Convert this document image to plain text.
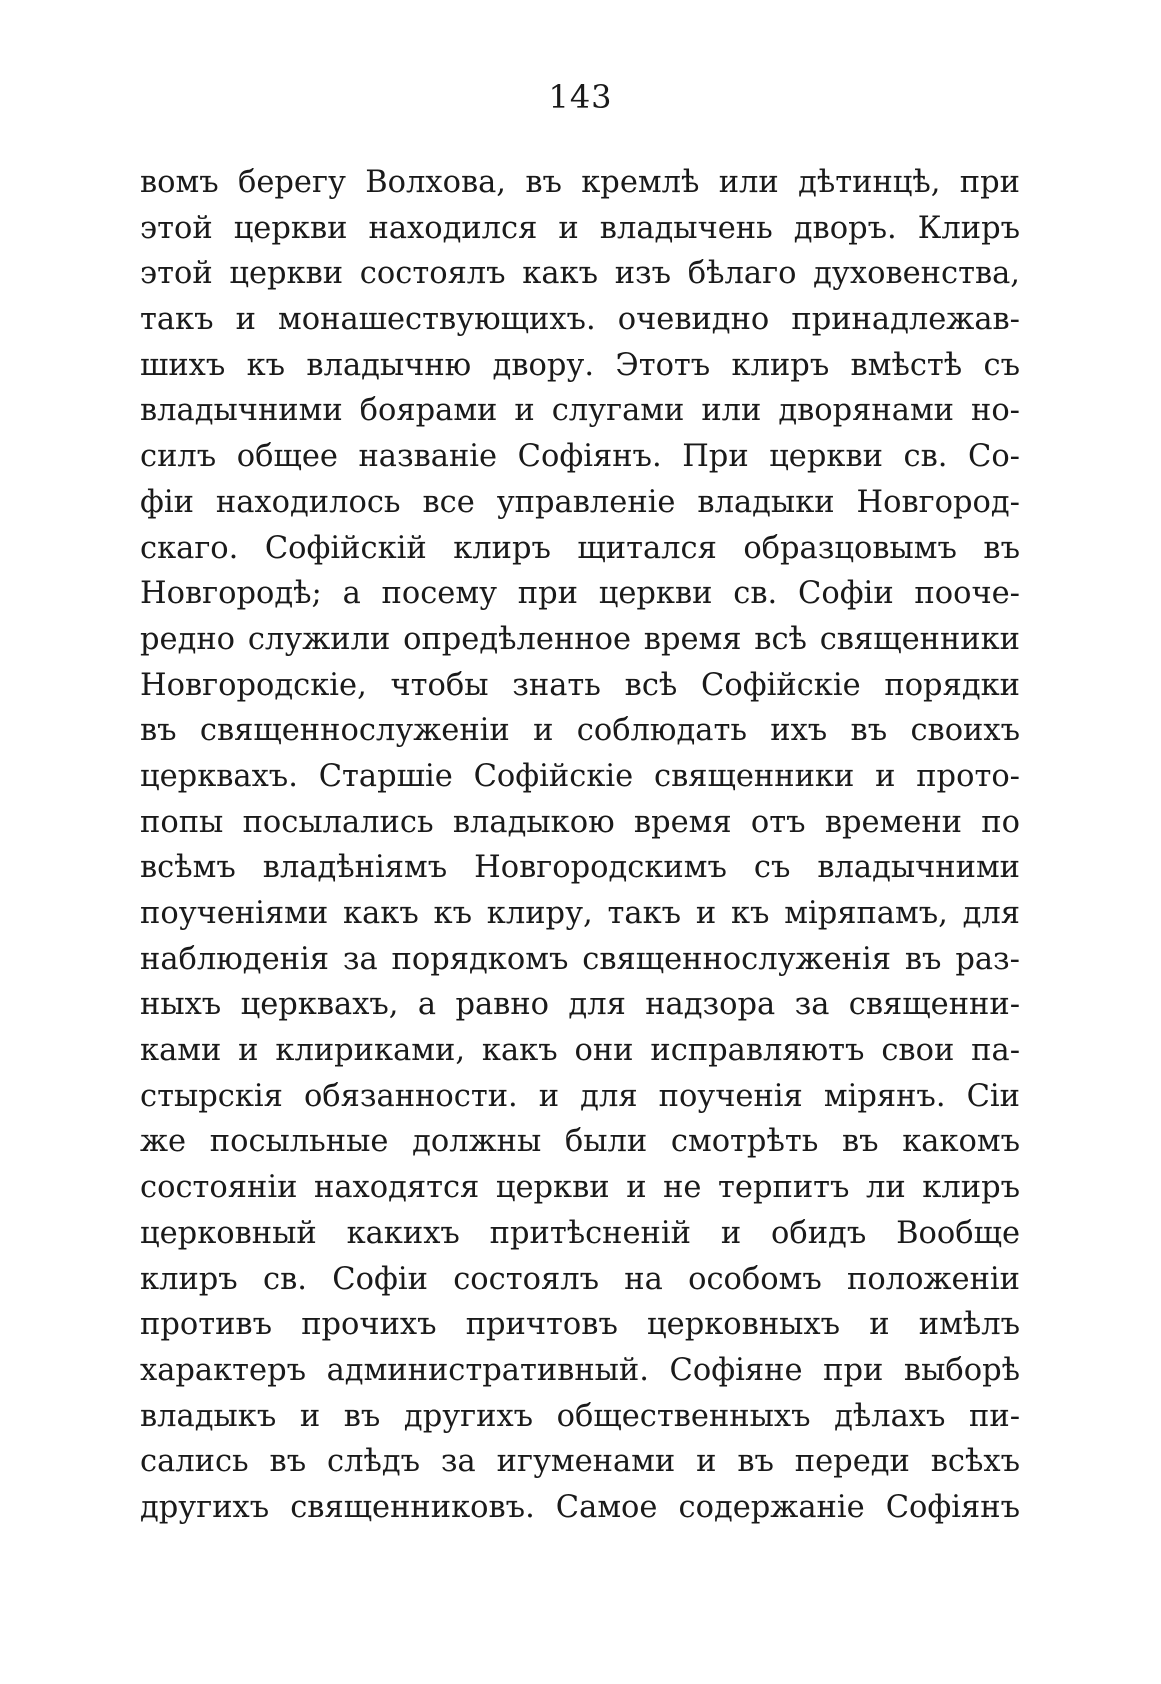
143
вомъ берегу Волхова, въ кремлѣ или дѣтинцѣ, при
этой церкви находился и владычень дворъ. Клиръ
этой церкви состоялъ какъ изъ бѣлаго духовенства,
такъ и монашествующихъ. очевидно принадлежав-
шихъ къ владычню двору. Этотъ клиръ вмѣстѣ съ
владычними боярами и слугами или дворянами но-
силъ общее названіе Софіянъ. При церкви св. Со-
фіи находилось все управленіе владыки Новгород-
скаго. Софійскій клиръ щитался образцовымъ въ
Новгородѣ; а посему при церкви св. Софіи пооче-
редно служили опредѣленное время всѣ священники
Новгородскіе, чтобы знать всѣ Софійскіе порядки
въ священнослуженіи и соблюдать ихъ въ своихъ
церквахъ. Старшіе Софійскіе священники и прото-
попы посылались владыкою время отъ времени по
всѣмъ владѣніямъ Новгородскимъ съ владычними
поученіями какъ къ клиру, такъ и къ міряпамъ, для
наблюденія за порядкомъ священнослуженія въ раз-
ныхъ церквахъ, а равно для надзора за священни-
ками и клириками, какъ они исправляютъ свои па-
стырскія обязанности. и для поученія мірянъ. Сіи
же посыльные должны были смотрѣть въ какомъ
состояніи находятся церкви и не терпитъ ли клиръ
церковный какихъ притѣсненій и обидъ Вообще
клиръ св. Софіи состоялъ на особомъ положеніи
противъ прочихъ причтовъ церковныхъ и имѣлъ
характеръ административный. Софіяне при выборѣ
владыкъ и въ другихъ общественныхъ дѣлахъ пи-
сались въ слѣдъ за игуменами и въ переди всѣхъ
другихъ священниковъ. Самое содержаніе Софіянъ
